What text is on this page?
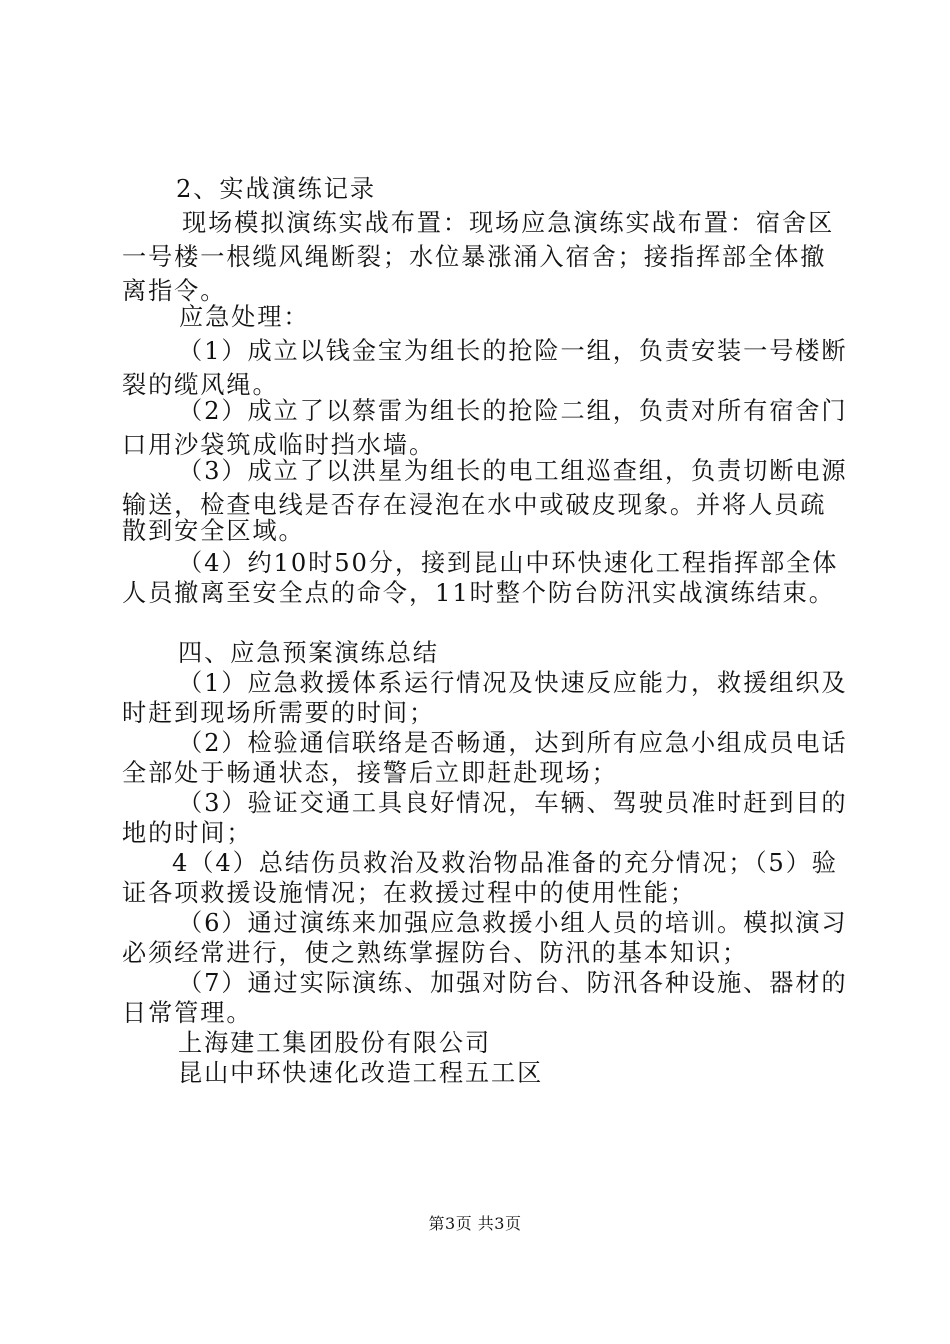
2、实战演练记录
现场模拟演练实战布置：现场应急演练实战布置：宿舍区
一号楼一根缆风绳断裂；水位暴涨涌入宿舍；接指挥部全体撤
离指令。
应急处理：
（1）成立以钱金宝为组长的抢险一组，负责安装一号楼断
裂的缆风绳。
（2）成立了以蔡雷为组长的抢险二组，负责对所有宿舍门
口用沙袋筑成临时挡水墙。
（3）成立了以洪星为组长的电工组巡查组，负责切断电源
输送，检查电线是否存在浸泡在水中或破皮现象。并将人员疏
散到安全区域。
（4）约10时50分，接到昆山中环快速化工程指挥部全体
人员撤离至安全点的命令，11时整个防台防汛实战演练结束。
四、应急预案演练总结
（1）应急救援体系运行情况及快速反应能力，救援组织及
时赶到现场所需要的时间；
（2）检验通信联络是否畅通，达到所有应急小组成员电话
全部处于畅通状态，接警后立即赶赴现场；
（3）验证交通工具良好情况，车辆、驾驶员准时赶到目的
地的时间；
4（4）总结伤员救治及救治物品准备的充分情况；（5）验
证各项救援设施情况；在救援过程中的使用性能；
（6）通过演练来加强应急救援小组人员的培训。模拟演习
必须经常进行，使之熟练掌握防台、防汛的基本知识；
（7）通过实际演练、加强对防台、防汛各种设施、器材的
日常管理。
上海建工集团股份有限公司
昆山中环快速化改造工程五工区
第3页 共3页
